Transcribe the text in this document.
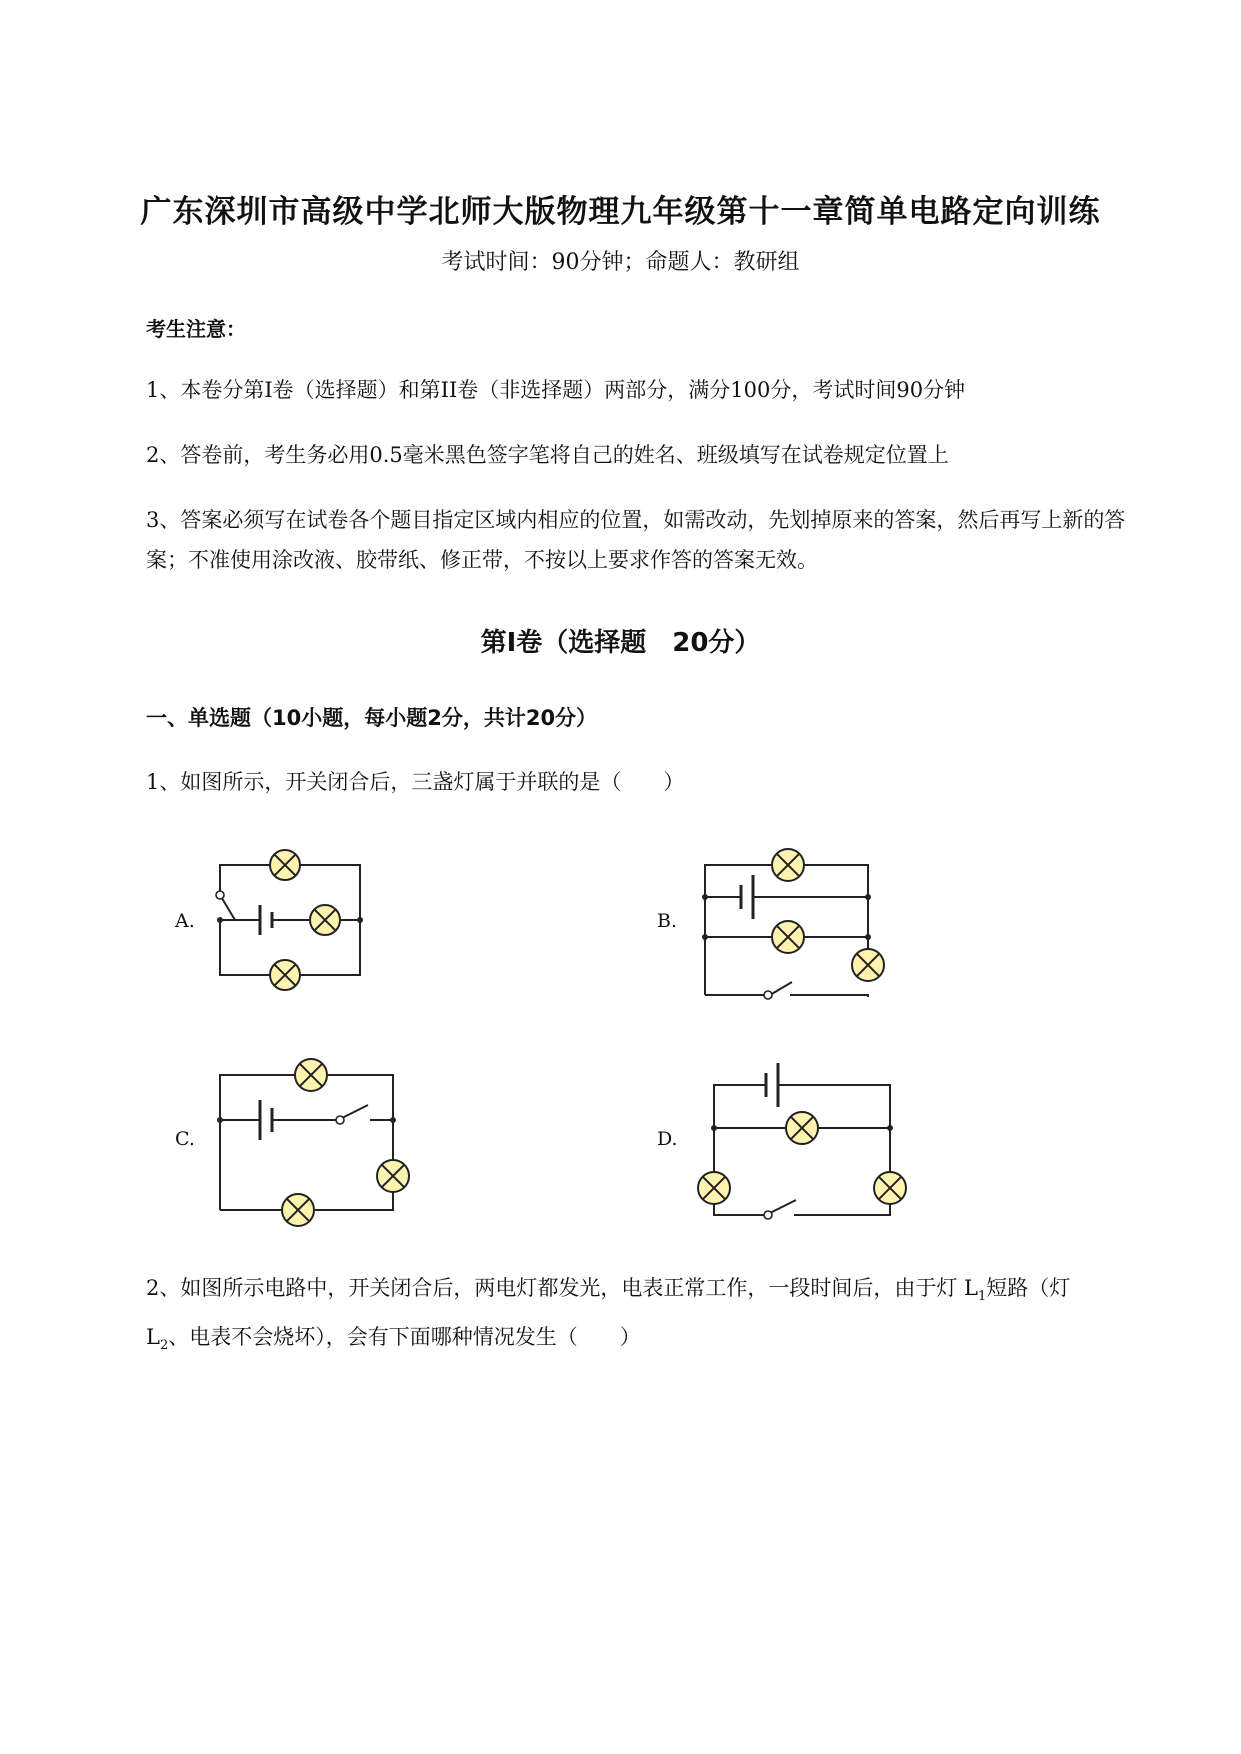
广东深圳市高级中学北师大版物理九年级第十一章简单电路定向训练
考试时间：90分钟；命题人：教研组
考生注意：
1、本卷分第I卷（选择题）和第II卷（非选择题）两部分，满分100分，考试时间90分钟
2、答卷前，考生务必用0.5毫米黑色签字笔将自己的姓名、班级填写在试卷规定位置上
3、答案必须写在试卷各个题目指定区域内相应的位置，如需改动，先划掉原来的答案，然后再写上新的答案；不准使用涂改液、胶带纸、修正带，不按以上要求作答的答案无效。
第I卷（选择题　20分）
一、单选题（10小题，每小题2分，共计20分）
1、如图所示，开关闭合后，三盏灯属于并联的是（　　）
A.	B.
C.	D.
2、如图所示电路中，开关闭合后，两电灯都发光，电表正常工作，一段时间后，由于灯 $L_1$短路（灯
$L_2$、电表不会烧坏），会有下面哪种情况发生（　　）
